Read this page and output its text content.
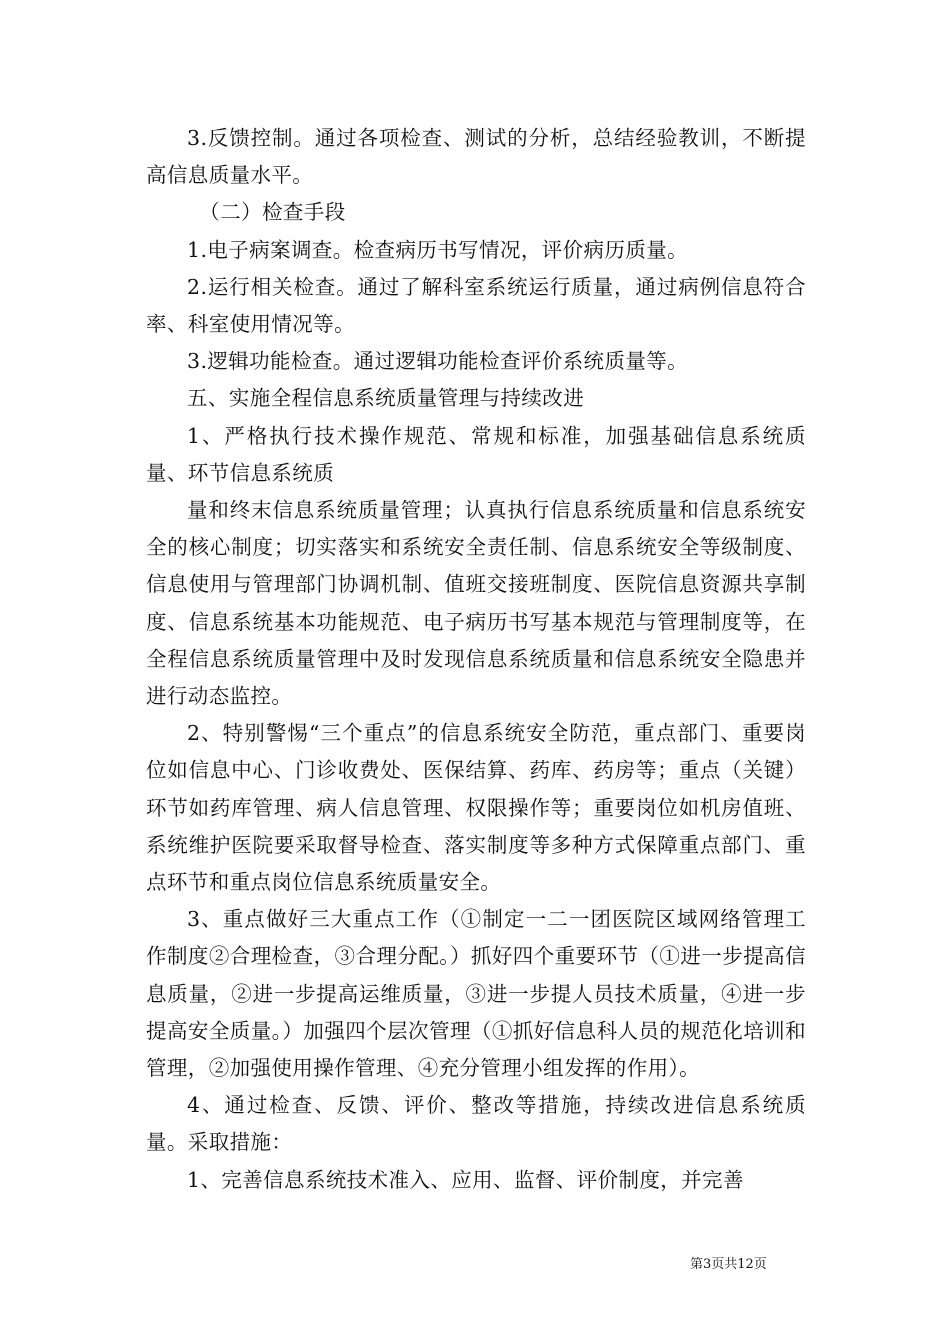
3.反馈控制。通过各项检查、测试的分析，总结经验教训，不断提高信息质量水平。

（二）检查手段

1.电子病案调查。检查病历书写情况，评价病历质量。

2.运行相关检查。通过了解科室系统运行质量，通过病例信息符合率、科室使用情况等。

3.逻辑功能检查。通过逻辑功能检查评价系统质量等。

五、实施全程信息系统质量管理与持续改进

1、严格执行技术操作规范、常规和标准，加强基础信息系统质量、环节信息系统质

量和终末信息系统质量管理；认真执行信息系统质量和信息系统安全的核心制度；切实落实和系统安全责任制、信息系统安全等级制度、信息使用与管理部门协调机制、值班交接班制度、医院信息资源共享制度、信息系统基本功能规范、电子病历书写基本规范与管理制度等，在全程信息系统质量管理中及时发现信息系统质量和信息系统安全隐患并进行动态监控。

2、特别警惕“三个重点”的信息系统安全防范，重点部门、重要岗位如信息中心、门诊收费处、医保结算、药库、药房等；重点（关键）环节如药库管理、病人信息管理、权限操作等；重要岗位如机房值班、系统维护医院要采取督导检查、落实制度等多种方式保障重点部门、重点环节和重点岗位信息系统质量安全。

3、重点做好三大重点工作（①制定一二一团医院区域网络管理工作制度②合理检查，③合理分配。）抓好四个重要环节（①进一步提高信息质量，②进一步提高运维质量，③进一步提人员技术质量，④进一步提高安全质量。）加强四个层次管理（①抓好信息科人员的规范化培训和管理，②加强使用操作管理、④充分管理小组发挥的作用）。

4、通过检查、反馈、评价、整改等措施，持续改进信息系统质量。采取措施：

1、完善信息系统技术准入、应用、监督、评价制度，并完善

第3页共12页
